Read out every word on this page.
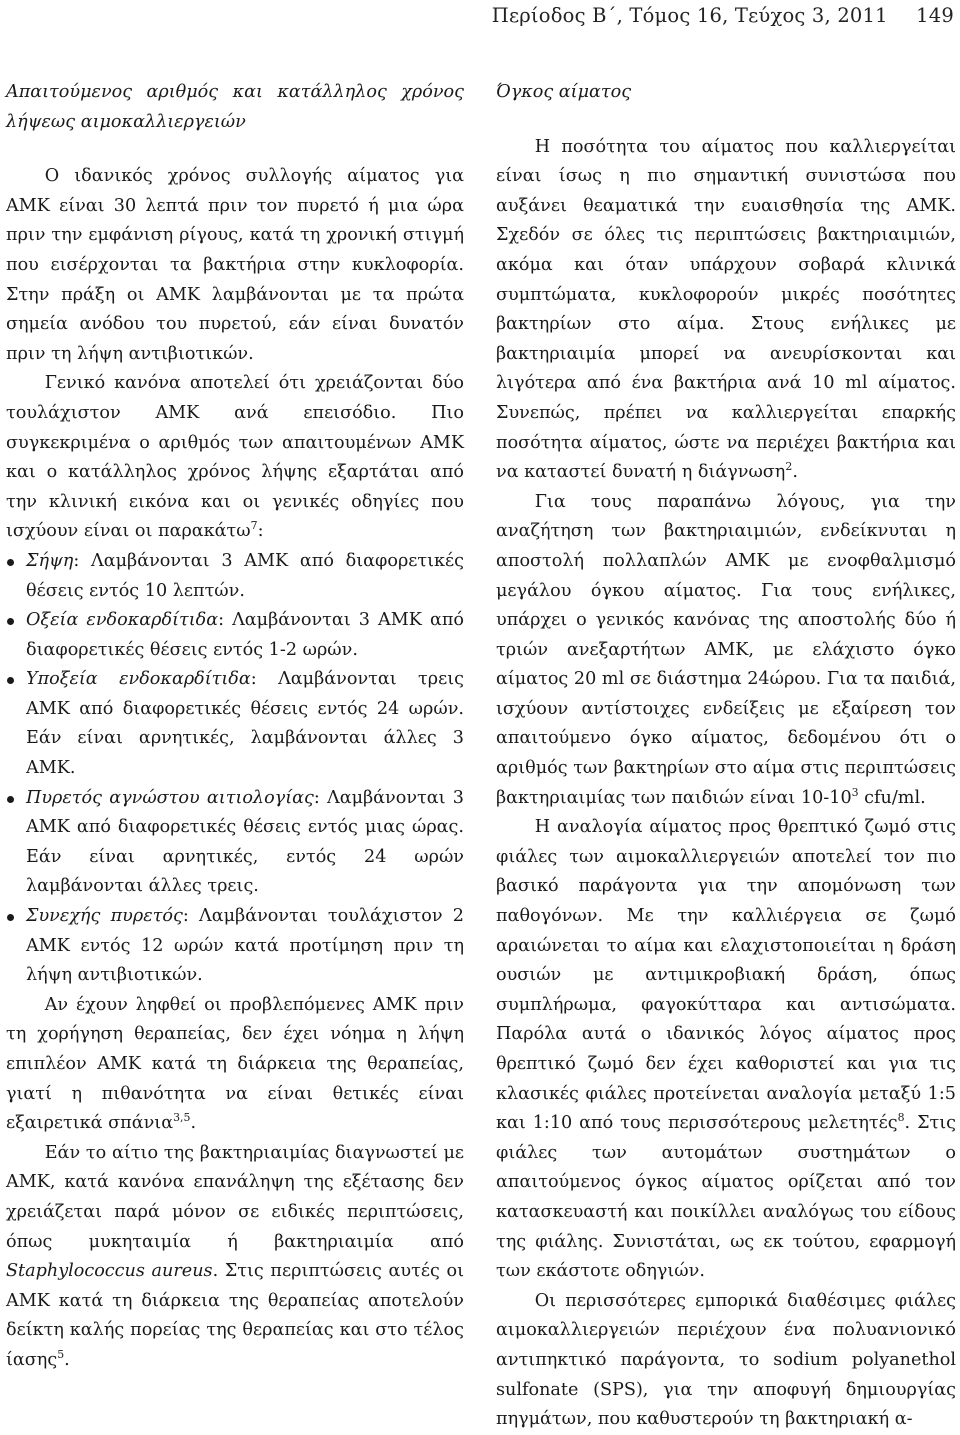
Περίοδος Β΄, Τόμος 16, Τεύχος 3, 2011 149

Απαιτούμενος αριθμός και κατάλληλος χρόνος λήψεως αιμοκαλλιεργειών

Ο ιδανικός χρόνος συλλογής αίματος για ΑΜΚ είναι 30 λεπτά πριν τον πυρετό ή μια ώρα πριν την εμφάνιση ρίγους, κατά τη χρονική στιγμή που εισέρχονται τα βακτήρια στην κυκλοφορία. Στην πράξη οι ΑΜΚ λαμβάνονται με τα πρώτα σημεία ανόδου του πυρετού, εάν είναι δυνατόν πριν τη λήψη αντιβιοτικών.

Γενικό κανόνα αποτελεί ότι χρειάζονται δύο τουλάχιστον ΑΜΚ ανά επεισόδιο. Πιο συγκεκριμένα ο αριθμός των απαιτουμένων ΑΜΚ και ο κατάλληλος χρόνος λήψης εξαρτάται από την κλινική εικόνα και οι γενικές οδηγίες που ισχύουν είναι οι παρακάτω$^7$:

Σήψη: Λαμβάνονται 3 ΑΜΚ από διαφορετικές θέσεις εντός 10 λεπτών.
Οξεία ενδοκαρδίτιδα: Λαμβάνονται 3 ΑΜΚ από διαφορετικές θέσεις εντός 1-2 ωρών.
Υποξεία ενδοκαρδίτιδα: Λαμβάνονται τρεις ΑΜΚ από διαφορετικές θέσεις εντός 24 ωρών. Εάν είναι αρνητικές, λαμβάνονται άλλες 3 ΑΜΚ.
Πυρετός αγνώστου αιτιολογίας: Λαμβάνονται 3 ΑΜΚ από διαφορετικές θέσεις εντός μιας ώρας. Εάν είναι αρνητικές, εντός 24 ωρών λαμβάνονται άλλες τρεις.
Συνεχής πυρετός: Λαμβάνονται τουλάχιστον 2 ΑΜΚ εντός 12 ωρών κατά προτίμηση πριν τη λήψη αντιβιοτικών.

Αν έχουν ληφθεί οι προβλεπόμενες ΑΜΚ πριν τη χορήγηση θεραπείας, δεν έχει νόημα η λήψη επιπλέον ΑΜΚ κατά τη διάρκεια της θεραπείας, γιατί η πιθανότητα να είναι θετικές είναι εξαιρετικά σπάνια$^{3,5}$.

Εάν το αίτιο της βακτηριαιμίας διαγνωστεί με ΑΜΚ, κατά κανόνα επανάληψη της εξέτασης δεν χρειάζεται παρά μόνον σε ειδικές περιπτώσεις, όπως μυκηταιμία ή βακτηριαιμία από Staphylococcus aureus. Στις περιπτώσεις αυτές οι ΑΜΚ κατά τη διάρκεια της θεραπείας αποτελούν δείκτη καλής πορείας της θεραπείας και στο τέλος ίασης$^5$.

Όγκος αίματος

Η ποσότητα του αίματος που καλλιεργείται είναι ίσως η πιο σημαντική συνιστώσα που αυξάνει θεαματικά την ευαισθησία της ΑΜΚ. Σχεδόν σε όλες τις περιπτώσεις βακτηριαιμιών, ακόμα και όταν υπάρχουν σοβαρά κλινικά συμπτώματα, κυκλοφορούν μικρές ποσότητες βακτηρίων στο αίμα. Στους ενήλικες με βακτηριαιμία μπορεί να ανευρίσκονται και λιγότερα από ένα βακτήρια ανά 10 ml αίματος. Συνεπώς, πρέπει να καλλιεργείται επαρκής ποσότητα αίματος, ώστε να περιέχει βακτήρια και να καταστεί δυνατή η διάγνωση$^2$.

Για τους παραπάνω λόγους, για την αναζήτηση των βακτηριαιμιών, ενδείκνυται η αποστολή πολλαπλών ΑΜΚ με ενοφθαλμισμό μεγάλου όγκου αίματος. Για τους ενήλικες, υπάρχει ο γενικός κανόνας της αποστολής δύο ή τριών ανεξαρτήτων ΑΜΚ, με ελάχιστο όγκο αίματος 20 ml σε διάστημα 24ώρου. Για τα παιδιά, ισχύουν αντίστοιχες ενδείξεις με εξαίρεση τον απαιτούμενο όγκο αίματος, δεδομένου ότι ο αριθμός των βακτηρίων στο αίμα στις περιπτώσεις βακτηριαιμίας των παιδιών είναι $10-10^3$ cfu/ml.

Η αναλογία αίματος προς θρεπτικό ζωμό στις φιάλες των αιμοκαλλιεργειών αποτελεί τον πιο βασικό παράγοντα για την απομόνωση των παθογόνων. Με την καλλιέργεια σε ζωμό αραιώνεται το αίμα και ελαχιστοποιείται η δράση ουσιών με αντιμικροβιακή δράση, όπως συμπλήρωμα, φαγοκύτταρα και αντισώματα. Παρόλα αυτά ο ιδανικός λόγος αίματος προς θρεπτικό ζωμό δεν έχει καθοριστεί και για τις κλασικές φιάλες προτείνεται αναλογία μεταξύ 1:5 και 1:10 από τους περισσότερους μελετητές$^8$. Στις φιάλες των αυτομάτων συστημάτων ο απαιτούμενος όγκος αίματος ορίζεται από τον κατασκευαστή και ποικίλλει αναλόγως του είδους της φιάλης. Συνιστάται, ως εκ τούτου, εφαρμογή των εκάστοτε οδηγιών.

Οι περισσότερες εμπορικά διαθέσιμες φιάλες αιμοκαλλιεργειών περιέχουν ένα πολυανιονικό αντιπηκτικό παράγοντα, το sodium polyanethol sulfonate (SPS), για την αποφυγή δημιουργίας πηγμάτων, που καθυστερούν τη βακτηριακή α-
